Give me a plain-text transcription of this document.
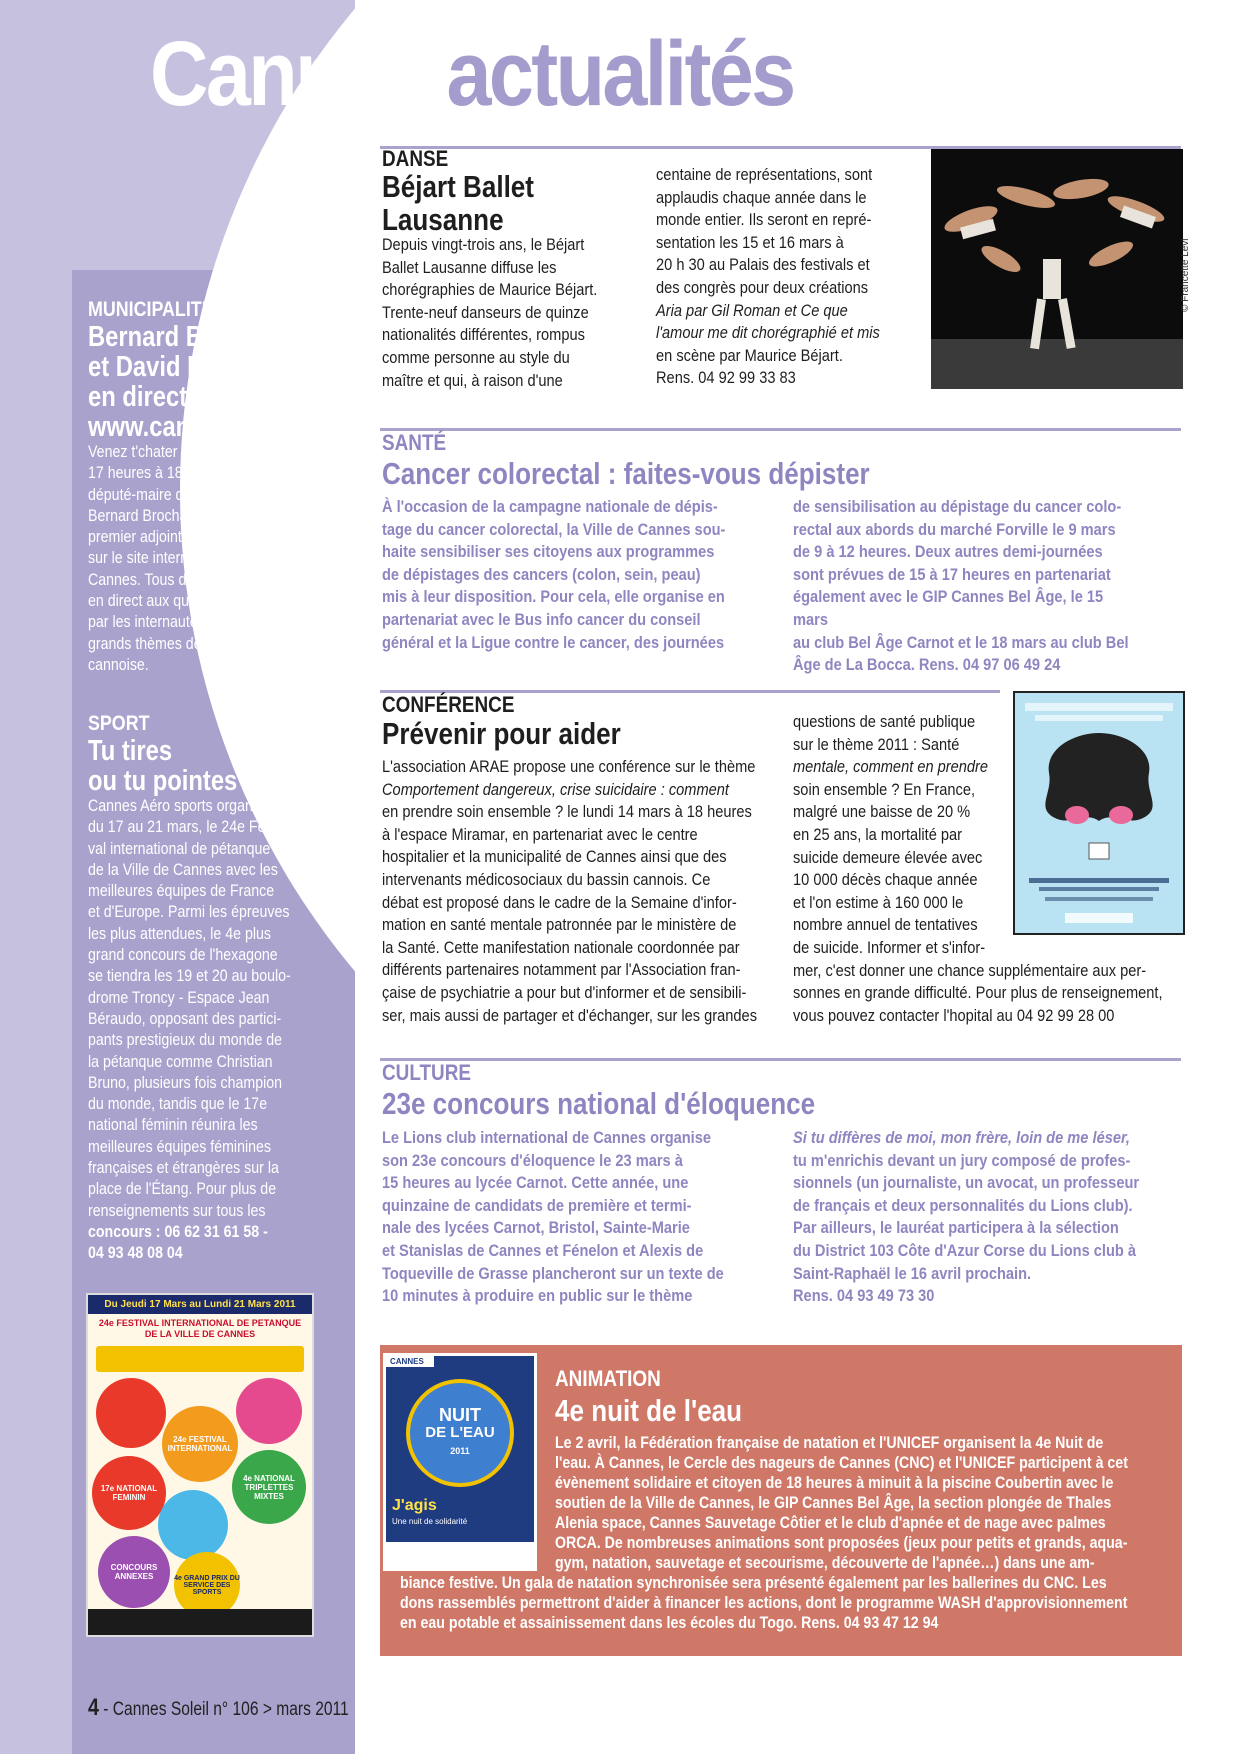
Cannes actualités
MUNICIPALITÉ
Bernard Brochand
et David Lisnard
en direct sur
www.cannes.com
Venez t'chater le 17 mars de
17 heures à 18 h 30 avec le
député-maire de Cannes
Bernard Brochand et son
premier adjoint David Lisnard
sur le site internet de la Ville de
Cannes. Tous deux répondront
en direct aux questions posées
par les internautes sur les
grands thèmes de la vie
cannoise.
SPORT
Tu tires
ou tu pointes ?
Cannes Aéro sports organise
du 17 au 21 mars, le 24e Festi-
val international de pétanque
de la Ville de Cannes avec les
meilleures équipes de France
et d'Europe. Parmi les épreuves
les plus attendues, le 4e plus
grand concours de l'hexagone
se tiendra les 19 et 20 au boulo-
drome Troncy - Espace Jean
Béraudo, opposant des partici-
pants prestigieux du monde de
la pétanque comme Christian
Bruno, plusieurs fois champion
du monde, tandis que le 17e
national féminin réunira les
meilleures équipes féminines
françaises et étrangères sur la
place de l'Étang. Pour plus de
renseignements sur tous les
concours : 06 62 31 61 58 -
04 93 48 08 04
Du Jeudi 17 Mars au Lundi 21 Mars 2011
24e FESTIVAL INTERNATIONAL DE PETANQUE
DE LA VILLE DE CANNES
24e FESTIVAL INTERNATIONAL
17e NATIONAL FEMININ
4e NATIONAL TRIPLETTES MIXTES
CONCOURS ANNEXES	4e GRAND PRIX DU SERVICE DES SPORTS
DANSE
Béjart Ballet
Lausanne
Depuis vingt-trois ans, le Béjart
Ballet Lausanne diffuse les
chorégraphies de Maurice Béjart.
Trente-neuf danseurs de quinze
nationalités différentes, rompus
comme personne au style du
maître et qui, à raison d'une
centaine de représentations, sont
applaudis chaque année dans le
monde entier. Ils seront en repré-
sentation les 15 et 16 mars à
20 h 30 au Palais des festivals et
des congrès pour deux créations
Aria par Gil Roman et Ce que
l'amour me dit chorégraphié et mis
en scène par Maurice Béjart.
Rens. 04 92 99 33 83
© Francette Levi
SANTÉ
Cancer colorectal : faites-vous dépister
À l'occasion de la campagne nationale de dépis-
tage du cancer colorectal, la Ville de Cannes sou-
haite sensibiliser ses citoyens aux programmes
de dépistages des cancers (colon, sein, peau)
mis à leur disposition. Pour cela, elle organise en
partenariat avec le Bus info cancer du conseil
général et la Ligue contre le cancer, des journées
de sensibilisation au dépistage du cancer colo-
rectal aux abords du marché Forville le 9 mars
de 9 à 12 heures. Deux autres demi-journées
sont prévues de 15 à 17 heures en partenariat
également avec le GIP Cannes Bel Âge, le 15 mars
au club Bel Âge Carnot et le 18 mars au club Bel
Âge de La Bocca. Rens. 04 97 06 49 24
CONFÉRENCE
Prévenir pour aider
L'association ARAE propose une conférence sur le thème
Comportement dangereux, crise suicidaire : comment
en prendre soin ensemble ? le lundi 14 mars à 18 heures
à l'espace Miramar, en partenariat avec le centre
hospitalier et la municipalité de Cannes ainsi que des
intervenants médicosociaux du bassin cannois. Ce
débat est proposé dans le cadre de la Semaine d'infor-
mation en santé mentale patronnée par le ministère de
la Santé. Cette manifestation nationale coordonnée par
différents partenaires notamment par l'Association fran-
çaise de psychiatrie a pour but d'informer et de sensibili-
ser, mais aussi de partager et d'échanger, sur les grandes
questions de santé publique
sur le thème 2011 : Santé
mentale, comment en prendre
soin ensemble ? En France,
malgré une baisse de 20 %
en 25 ans, la mortalité par
suicide demeure élevée avec
10 000 décès chaque année
et l'on estime à 160 000 le
nombre annuel de tentatives
de suicide. Informer et s'infor-
mer, c'est donner une chance supplémentaire aux per-
sonnes en grande difficulté. Pour plus de renseignement,
vous pouvez contacter l'hopital au 04 92 99 28 00
CULTURE
23e concours national d'éloquence
Le Lions club international de Cannes organise
son 23e concours d'éloquence le 23 mars à
15 heures au lycée Carnot. Cette année, une
quinzaine de candidats de première et termi-
nale des lycées Carnot, Bristol, Sainte-Marie
et Stanislas de Cannes et Fénelon et Alexis de
Toqueville de Grasse plancheront sur un texte de
10 minutes à produire en public sur le thème
Si tu diffères de moi, mon frère, loin de me léser,
tu m'enrichis devant un jury composé de profes-
sionnels (un journaliste, un avocat, un professeur
de français et deux personnalités du Lions club).
Par ailleurs, le lauréat participera à la sélection
du District 103 Côte d'Azur Corse du Lions club à
Saint-Raphaël le 16 avril prochain.
Rens. 04 93 49 73 30
CANNES
NUIT
DE L'EAU
2011
J'agis
Une nuit de solidarité
ANIMATION
4e nuit de l'eau
Le 2 avril, la Fédération française de natation et l'UNICEF organisent la 4e Nuit de
l'eau. À Cannes, le Cercle des nageurs de Cannes (CNC) et l'UNICEF participent à cet
évènement solidaire et citoyen de 18 heures à minuit à la piscine Coubertin avec le
soutien de la Ville de Cannes, le GIP Cannes Bel Âge, la section plongée de Thales
Alenia space, Cannes Sauvetage Côtier et le club d'apnée et de nage avec palmes
ORCA. De nombreuses animations sont proposées (jeux pour petits et grands, aqua-
gym, natation, sauvetage et secourisme, découverte de l'apnée…) dans une am-
biance festive. Un gala de natation synchronisée sera présenté également par les ballerines du CNC. Les
dons rassemblés permettront d'aider à financer les actions, dont le programme WASH d'approvisionnement
en eau potable et assainissement dans les écoles du Togo. Rens. 04 93 47 12 94
4 - Cannes Soleil n° 106 > mars 2011
